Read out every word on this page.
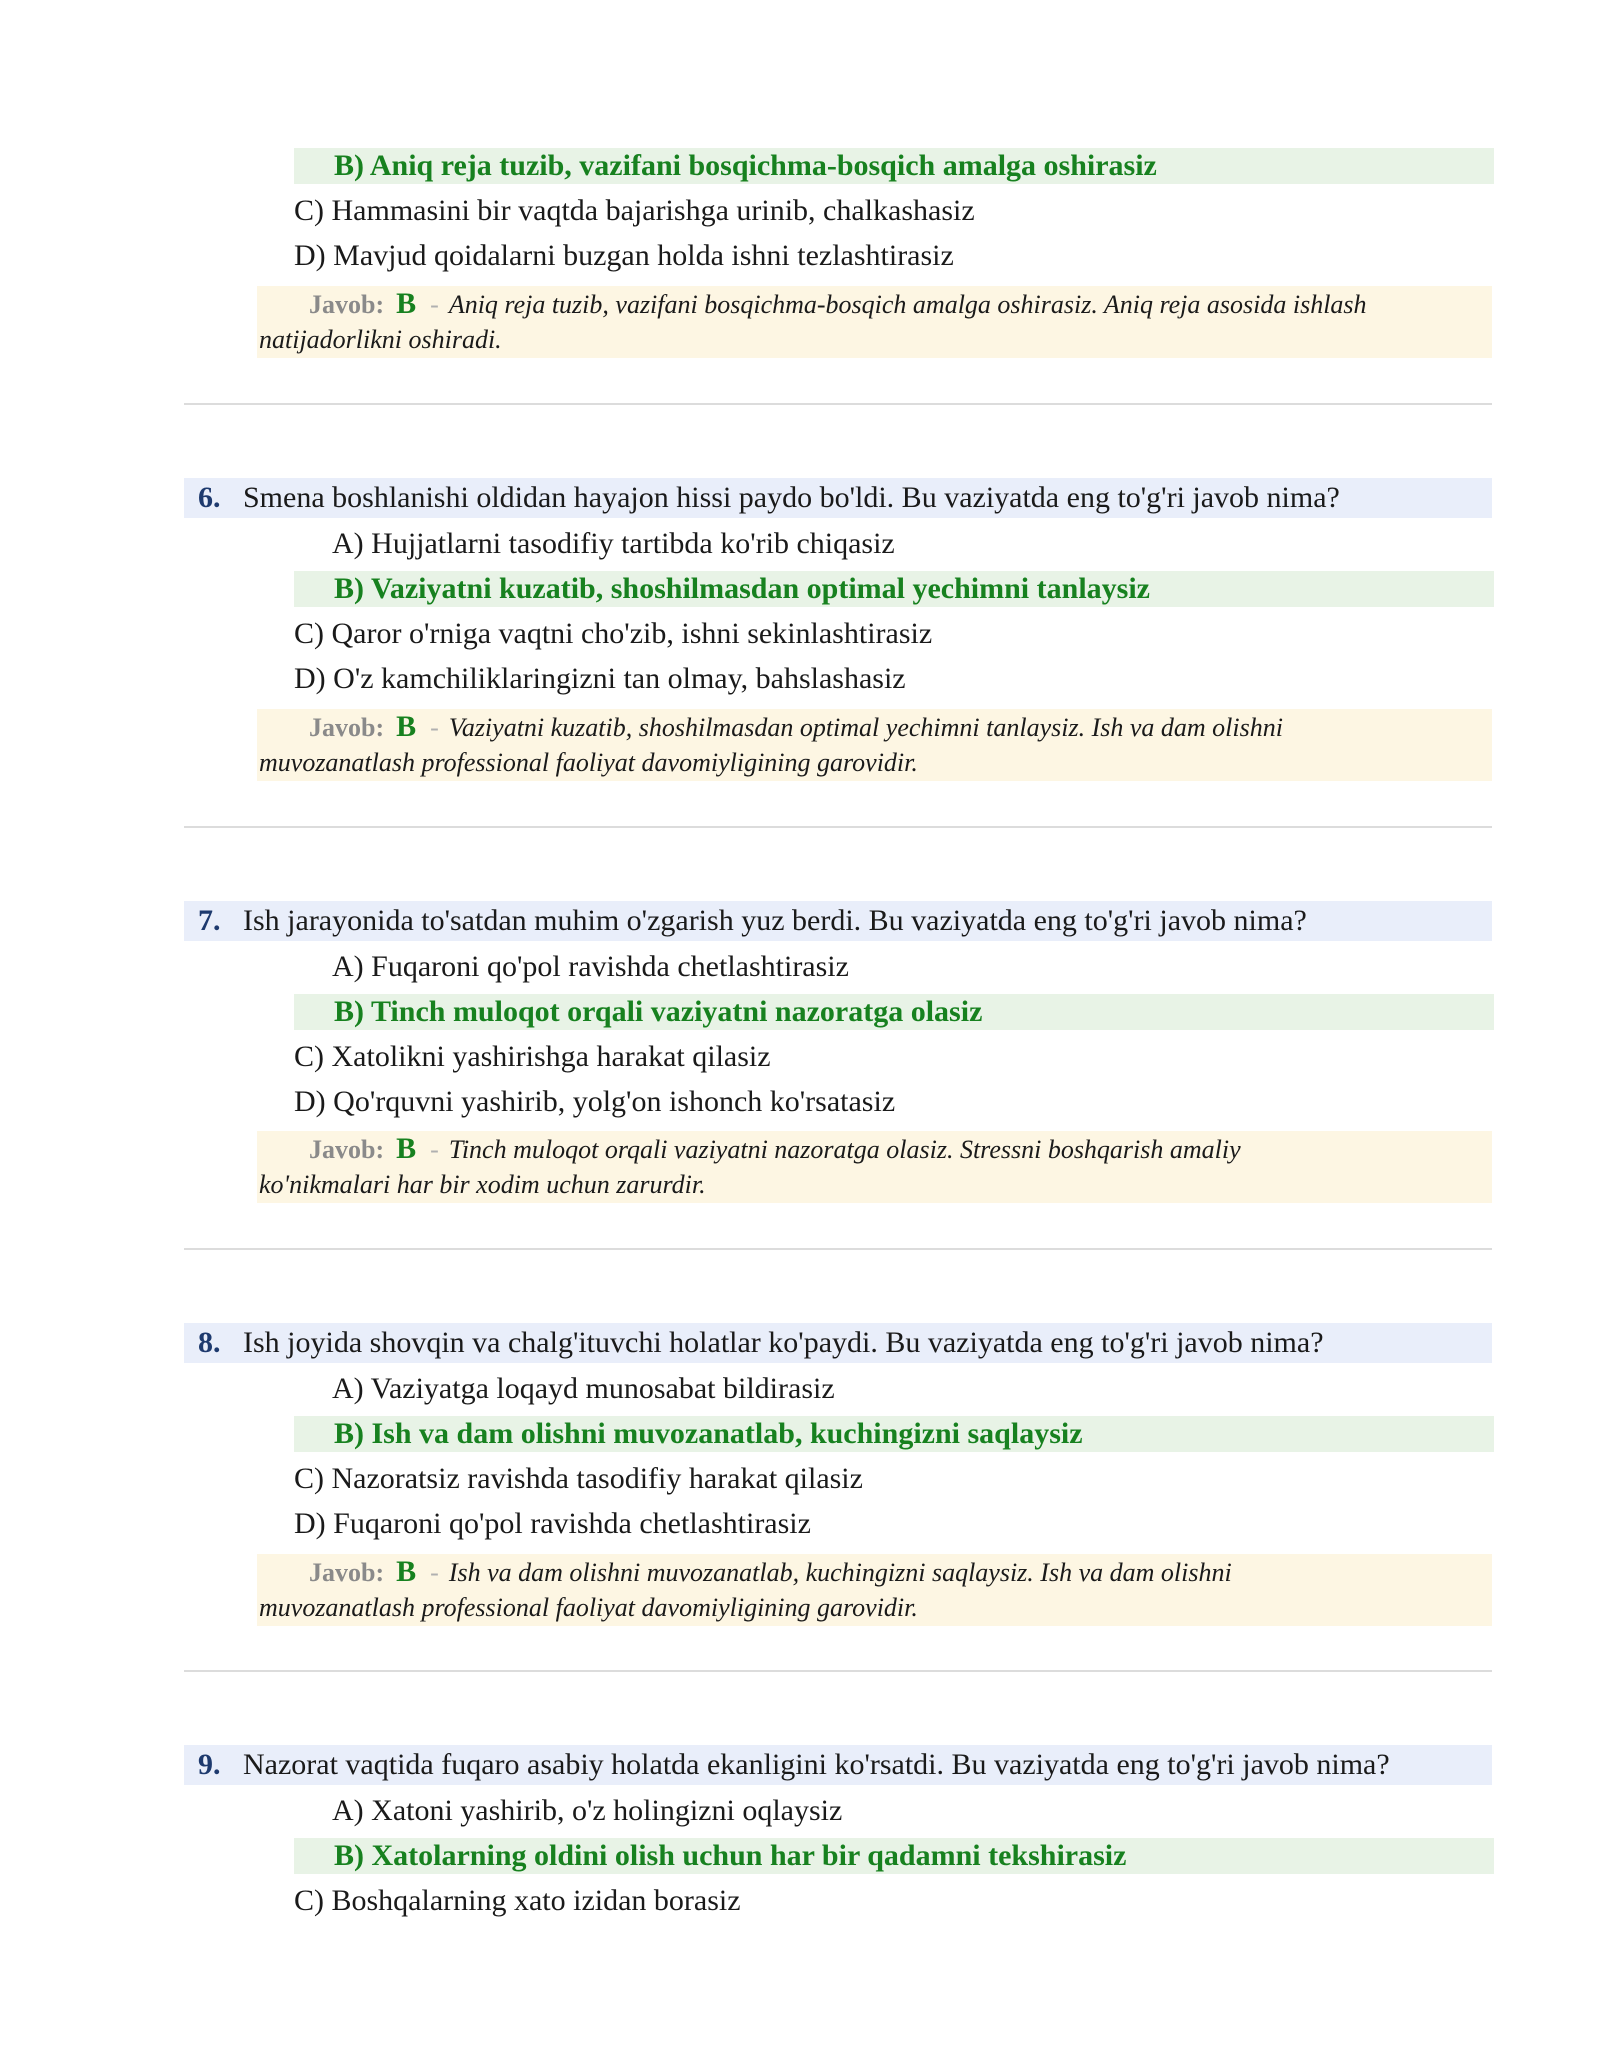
B) Aniq reja tuzib, vazifani bosqichma-bosqich amalga oshirasiz
C) Hammasini bir vaqtda bajarishga urinib, chalkashasiz
D) Mavjud qoidalarni buzgan holda ishni tezlashtirasiz
Javob: B - Aniq reja tuzib, vazifani bosqichma-bosqich amalga oshirasiz. Aniq reja asosida ishlash
natijadorlikni oshiradi.
6. Smena boshlanishi oldidan hayajon hissi paydo bo'ldi. Bu vaziyatda eng to'g'ri javob nima?
A) Hujjatlarni tasodifiy tartibda ko'rib chiqasiz
B) Vaziyatni kuzatib, shoshilmasdan optimal yechimni tanlaysiz
C) Qaror o'rniga vaqtni cho'zib, ishni sekinlashtirasiz
D) O'z kamchiliklaringizni tan olmay, bahslashasiz
Javob: B - Vaziyatni kuzatib, shoshilmasdan optimal yechimni tanlaysiz. Ish va dam olishni
muvozanatlash professional faoliyat davomiyligining garovidir.
7. Ish jarayonida to'satdan muhim o'zgarish yuz berdi. Bu vaziyatda eng to'g'ri javob nima?
A) Fuqaroni qo'pol ravishda chetlashtirasiz
B) Tinch muloqot orqali vaziyatni nazoratga olasiz
C) Xatolikni yashirishga harakat qilasiz
D) Qo'rquvni yashirib, yolg'on ishonch ko'rsatasiz
Javob: B - Tinch muloqot orqali vaziyatni nazoratga olasiz. Stressni boshqarish amaliy
ko'nikmalari har bir xodim uchun zarurdir.
8. Ish joyida shovqin va chalg'ituvchi holatlar ko'paydi. Bu vaziyatda eng to'g'ri javob nima?
A) Vaziyatga loqayd munosabat bildirasiz
B) Ish va dam olishni muvozanatlab, kuchingizni saqlaysiz
C) Nazoratsiz ravishda tasodifiy harakat qilasiz
D) Fuqaroni qo'pol ravishda chetlashtirasiz
Javob: B - Ish va dam olishni muvozanatlab, kuchingizni saqlaysiz. Ish va dam olishni
muvozanatlash professional faoliyat davomiyligining garovidir.
9. Nazorat vaqtida fuqaro asabiy holatda ekanligini ko'rsatdi. Bu vaziyatda eng to'g'ri javob nima?
A) Xatoni yashirib, o'z holingizni oqlaysiz
B) Xatolarning oldini olish uchun har bir qadamni tekshirasiz
C) Boshqalarning xato izidan borasiz
